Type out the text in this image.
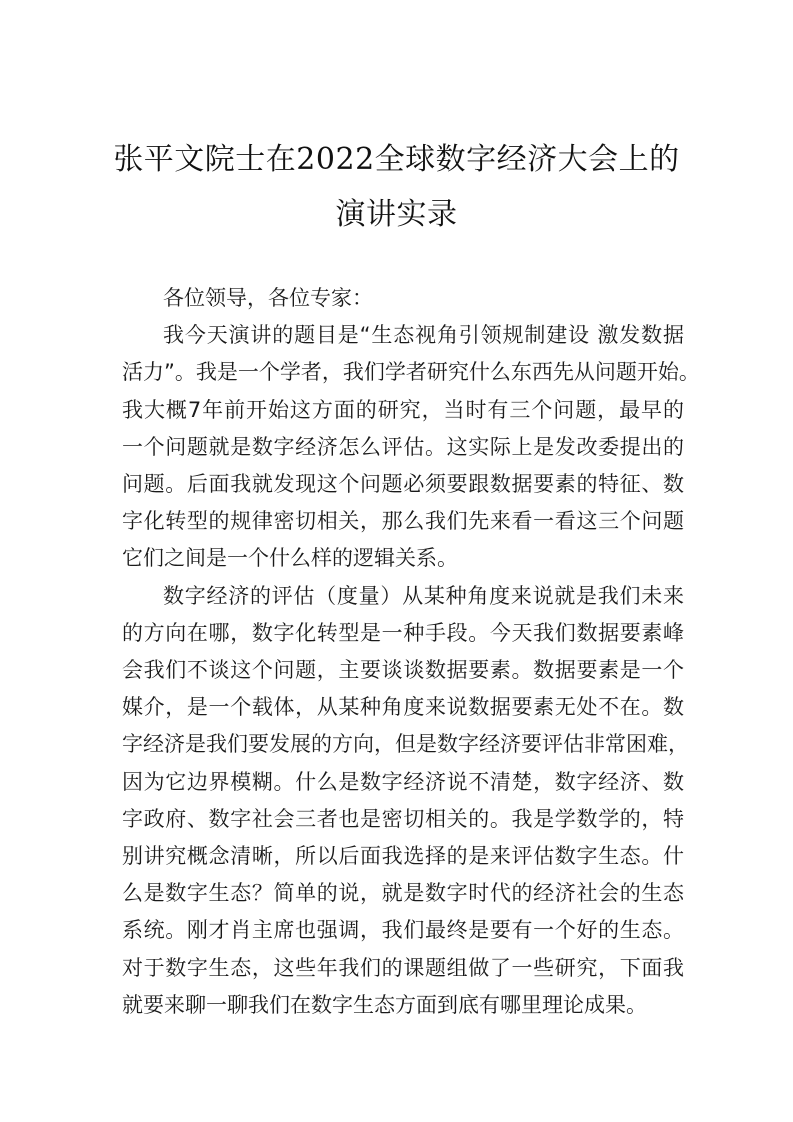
张平文院士在2022全球数字经济大会上的
演讲实录
各位领导，各位专家：
我今天演讲的题目是“生态视角引领规制建设 激发数据
活力”。我是一个学者，我们学者研究什么东西先从问题开始。
我大概7年前开始这方面的研究，当时有三个问题，最早的
一个问题就是数字经济怎么评估。这实际上是发改委提出的
问题。后面我就发现这个问题必须要跟数据要素的特征、数
字化转型的规律密切相关，那么我们先来看一看这三个问题
它们之间是一个什么样的逻辑关系。
数字经济的评估（度量）从某种角度来说就是我们未来
的方向在哪，数字化转型是一种手段。今天我们数据要素峰
会我们不谈这个问题，主要谈谈数据要素。数据要素是一个
媒介，是一个载体，从某种角度来说数据要素无处不在。数
字经济是我们要发展的方向，但是数字经济要评估非常困难，
因为它边界模糊。什么是数字经济说不清楚，数字经济、数
字政府、数字社会三者也是密切相关的。我是学数学的，特
别讲究概念清晰，所以后面我选择的是来评估数字生态。什
么是数字生态？简单的说，就是数字时代的经济社会的生态
系统。刚才肖主席也强调，我们最终是要有一个好的生态。
对于数字生态，这些年我们的课题组做了一些研究，下面我
就要来聊一聊我们在数字生态方面到底有哪里理论成果。
